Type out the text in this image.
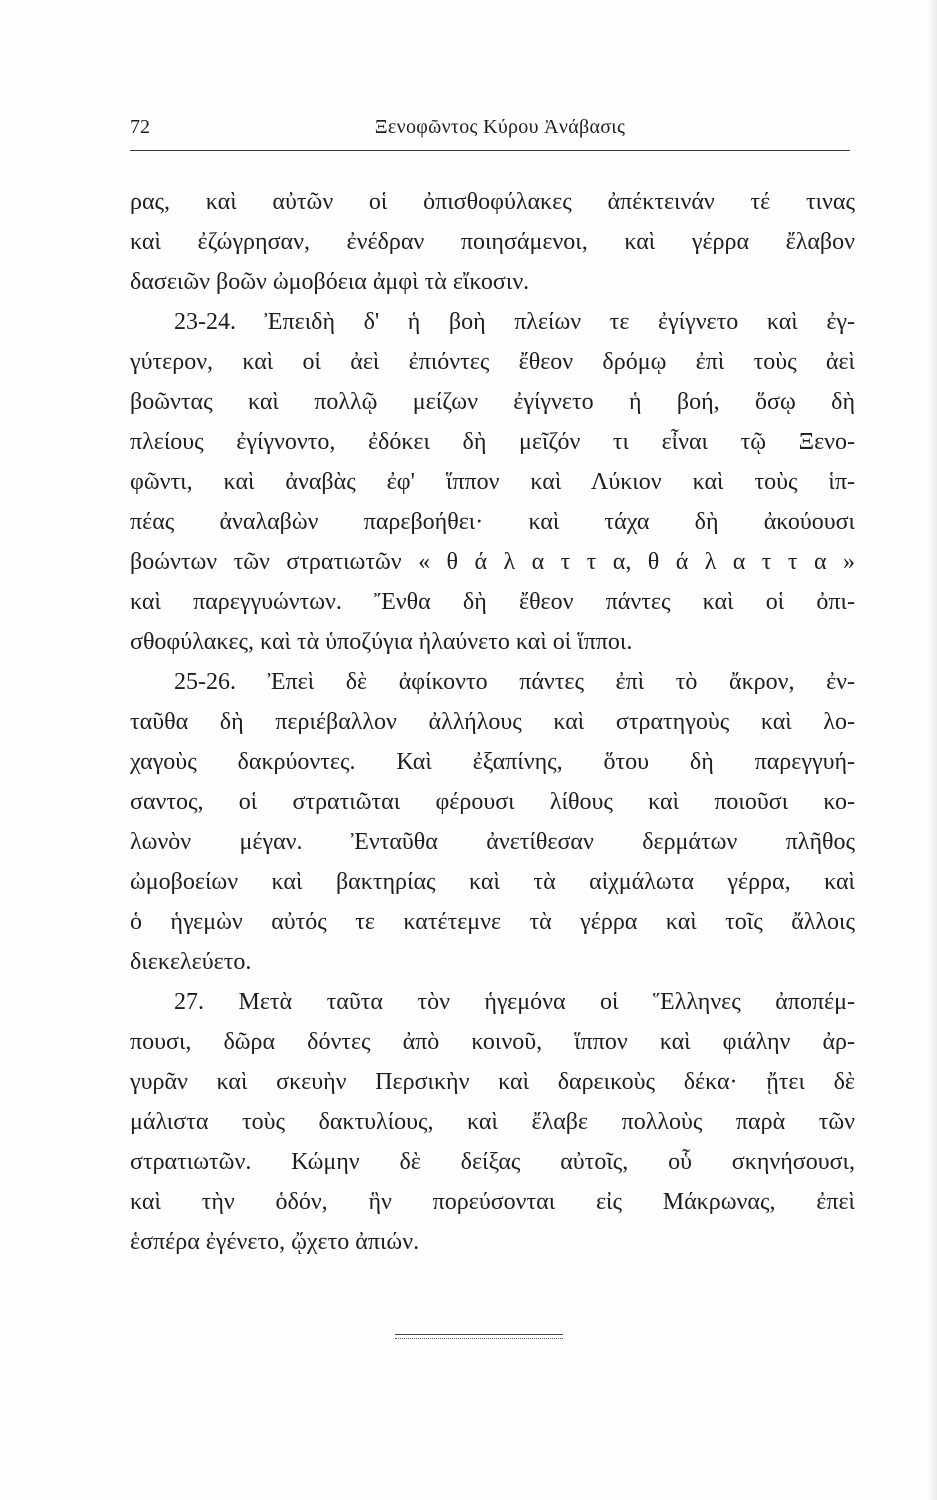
72	Ξενοφῶντος Κύρου Ἀνάβασις
ρας, καὶ αὐτῶν οἱ ὀπισθοφύλακες ἀπέκτεινάν τέ τινας
καὶ ἐζώγρησαν, ἐνέδραν ποιησάμενοι, καὶ γέρρα ἔλαβον
δασειῶν βοῶν ὠμοβόεια ἀμφὶ τὰ εἴκοσιν.
23-24. Ἐπειδὴ δ' ἡ βοὴ πλείων τε ἐγίγνετο καὶ ἐγ-
γύτερον, καὶ οἱ ἀεὶ ἐπιόντες ἔθεον δρόμῳ ἐπὶ τοὺς ἀεὶ
βοῶντας καὶ πολλῷ μείζων ἐγίγνετο ἡ βοή, ὅσῳ δὴ
πλείους ἐγίγνοντο, ἐδόκει δὴ μεῖζόν τι εἶναι τῷ Ξενο-
φῶντι, καὶ ἀναβὰς ἐφ' ἵππον καὶ Λύκιον καὶ τοὺς ἱπ-
πέας ἀναλαβὼν παρεβοήθει· καὶ τάχα δὴ ἀκούουσι
βοώντων τῶν στρατιωτῶν « θ ά λ α τ τ α, θ ά λ α τ τ α »
καὶ παρεγγυώντων. Ἔνθα δὴ ἔθεον πάντες καὶ οἱ ὀπι-
σθοφύλακες, καὶ τὰ ὑποζύγια ἠλαύνετο καὶ οἱ ἵπποι.
25-26. Ἐπεὶ δὲ ἀφίκοντο πάντες ἐπὶ τὸ ἄκρον, ἐν-
ταῦθα δὴ περιέβαλλον ἀλλήλους καὶ στρατηγοὺς καὶ λο-
χαγοὺς δακρύοντες. Καὶ ἐξαπίνης, ὅτου δὴ παρεγγυή-
σαντος, οἱ στρατιῶται φέρουσι λίθους καὶ ποιοῦσι κο-
λωνὸν μέγαν. Ἐνταῦθα ἀνετίθεσαν δερμάτων πλῆθος
ὠμοβοείων καὶ βακτηρίας καὶ τὰ αἰχμάλωτα γέρρα, καὶ
ὁ ἡγεμὼν αὐτός τε κατέτεμνε τὰ γέρρα καὶ τοῖς ἄλλοις
διεκελεύετο.
27. Μετὰ ταῦτα τὸν ἡγεμόνα οἱ Ἕλληνες ἀποπέμ-
πουσι, δῶρα δόντες ἀπὸ κοινοῦ, ἵππον καὶ φιάλην ἀρ-
γυρᾶν καὶ σκευὴν Περσικὴν καὶ δαρεικοὺς δέκα· ᾔτει δὲ
μάλιστα τοὺς δακτυλίους, καὶ ἔλαβε πολλοὺς παρὰ τῶν
στρατιωτῶν. Κώμην δὲ δείξας αὐτοῖς, οὗ σκηνήσουσι,
καὶ τὴν ὁδόν, ἣν πορεύσονται εἰς Μάκρωνας, ἐπεὶ
ἑσπέρα ἐγένετο, ᾤχετο ἀπιών.
